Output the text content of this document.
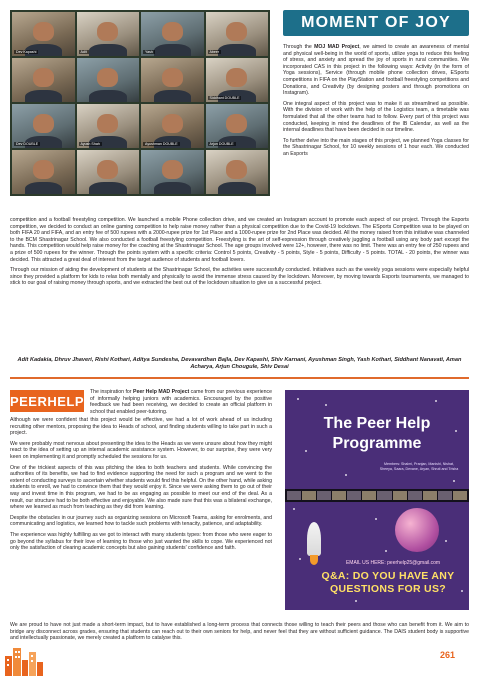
Dev Kapashi	Adit	Yash	Abeer
Siddhant DOUBLE
Dev DOUBLE	Ayush Shah	Ayushman DOUBLE	Arjun DOUBLE
MOMENT OF JOY

Through the MOJ MAD Project, we aimed to create an awareness of mental and physical well-being in the world of sports, utilize yoga to reduce this feeling of stress, and anxiety and spread the joy of sports in rural communities. We incorporated CAS in this project in the following ways: Activity (in the form of Yoga sessions), Service (through mobile phone collection drives, ESports competitions in FIFA on the PlayStation and football freestyling competitions and Donations, and Creativity (by designing posters and through promotions on Instagram).

One integral aspect of this project was to make it as streamlined as possible. With the division of work with the help of the Logistics team, a timetable was formulated that all the other teams had to follow. Every part of this project was conducted, keeping in mind the deadlines of the IB Calendar, as well as the internal deadlines that have been decided in our timeline.

To further delve into the main stages of this project, we planned Yoga classes for the Shastrinagar School, for 10 weekly sessions of 1 hour each. We conducted an Esports

competition and a football freestyling competition. We launched a mobile Phone collection drive, and we created an Instagram account to promote each aspect of our project. Through the Esports competition, we decided to conduct an online gaming competition to help raise money rather than a physical competition due to the Covid-19 lockdown. The ESports Competition was to be played on both FIFA 20 and FIFA, and an entry fee of 500 rupees with a 2000-rupee prize for 1st Place and a 1000-rupee prize for 2nd Place was decided. All the money raised from this initiative was channeled to the BCM Shastrinagar School. We also conducted a football freestyling competition. Freestyling is the art of self-expression through creatively juggling a football using any body part except the hands. This competition would help raise money for the coaching at the Shastrinagar School. The age groups involved were 12+, however, there was no limit. There was an entry fee of 250 rupees and a prize of 500 rupees for the winner. Through the points system with a specific criteria: Control 5 points, Creativity - 5 points, Style - 5 points, Difficulty - 5 points. TOTAL - 20 points, the winner was decided. This attracted a great deal of interest from the target audience of students and football lovers.

Through our mission of aiding the development of students at the Shastrinagar School, the activities were successfully conducted. Initiatives such as the weekly yoga sessions were especially helpful since they provided a platform for kids to relax both mentally and physically to avoid the immense stress caused by the lockdown. Moreover, by moving towards Esports tournaments, we managed to stick to our goal of raising money through sports, and we extracted the best out of the lockdown situation to give us a successful project.

Adit Kadakia, Dhruv Jhaveri, Rishi Kothari, Aditya Sundesha, Devavardhan Bajla, Dev Kapashi, Shiv Karnani, Ayushman Singh, Yash Kothari, Siddhant Nanavati, Aman Acharya, Arjun Chougule, Shiv Desai
PEERHELP

The inspiration for Peer Help MAD Project came from our previous experience of informally helping juniors with academics. Encouraged by the positive feedback we had been receiving, we decided to create an official platform in school that enabled peer-tutoring.

Although we were confident that this project would be effective, we had a lot of work ahead of us including recruiting other mentors, proposing the idea to Heads of school, and finding students willing to take part in such a project.

We were probably most nervous about presenting the idea to the Heads as we were unsure about how they might react to the idea of setting up an internal academic assistance system. However, to our surprise, they were very keen on implementing it and promptly scheduled the sessions for us.

One of the trickiest aspects of this was pitching the idea to both teachers and students. While convincing the authorities of its benefits, we had to find evidence supporting the need for such a program and we went to the extent of conducting surveys to ascertain whether students would find this helpful. On the other hand, while asking students to enroll, we had to convince them that they would enjoy it. Since we were asking them to go out of their way and invest time in this program, we had to be as engaging as possible to meet our end of the deal. As a result, our structure had to be both effective and enjoyable. We also made sure that this was a bilateral exchange, where we learned as much from teaching as they did from learning.

Despite the obstacles in our journey such as organizing sessions on Microsoft Teams, asking for enrolments, and communicating and logistics, we learned how to tackle such problems with tenacity, patience, and adaptability.

The experience was highly fulfilling as we got to interact with many students types: from those who were eager to go beyond the syllabus for their love of learning to those who just wanted the skills to cope. We experienced not only the satisfaction of clearing academic concepts but also gaining students' confidence and faith.

We are proud to have not just made a short-term impact, but to have established a long-term process that connects those willing to teach their peers and those who can benefit from it. We aim to bridge any disconnect across grades, ensuring that students can reach out to their own seniors for help, and never feel that they are without sufficient guidance. The DAIS student body is supportive and intellectually passionate, we merely created a platform to catalyse this.

The Peer Help Programme
Members: Shalmi, Pranjan, Manishi, Nishat, Sheeya, Saara, Devane, Aryan, Shruti and Trisha
EMAIL US HERE: peerhelp25@gmail.com
Q&A: DO YOU HAVE ANY QUESTIONS FOR US?
261
